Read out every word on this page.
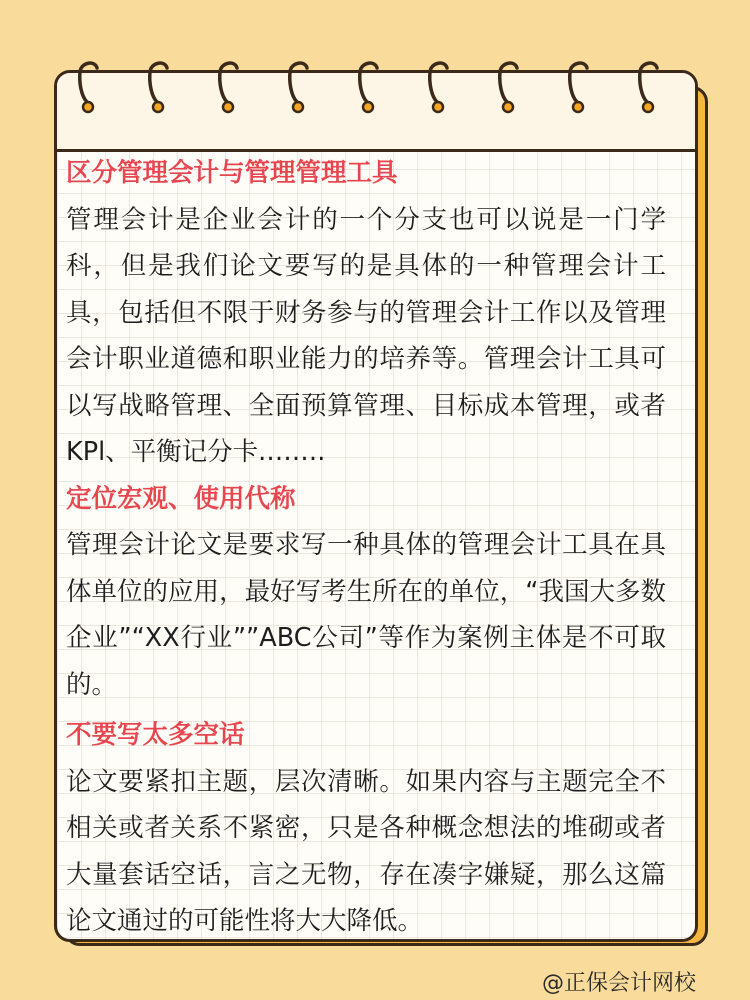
区分管理会计与管理管理工具
管理会计是企业会计的一个分支也可以说是一门学科，但是我们论文要写的是具体的一种管理会计工具，包括但不限于财务参与的管理会计工作以及管理会计职业道德和职业能力的培养等。管理会计工具可以写战略管理、全面预算管理、目标成本管理，或者KPl、平衡记分卡.…….
定位宏观、使用代称
管理会计论文是要求写一种具体的管理会计工具在具体单位的应用，最好写考生所在的单位，“我国大多数企业”“XX行业””ABC公司”等作为案例主体是不可取的。
不要写太多空话
论文要紧扣主题，层次清晰。如果内容与主题完全不相关或者关系不紧密，只是各种概念想法的堆砌或者大量套话空话，言之无物，存在凑字嫌疑，那么这篇论文通过的可能性将大大降低。
@正保会计网校
